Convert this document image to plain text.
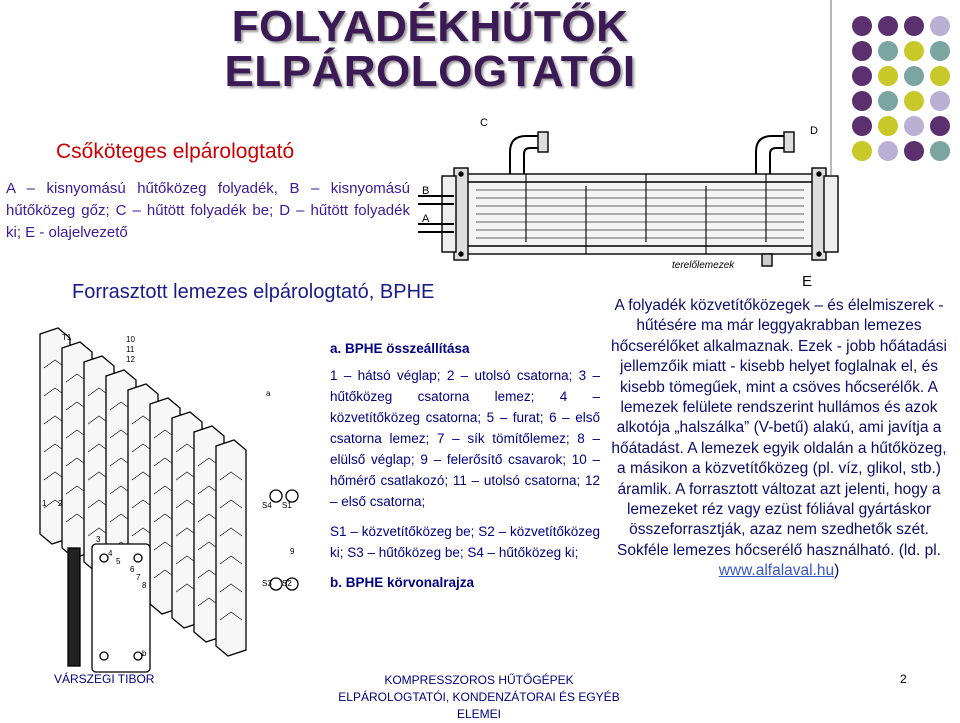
FOLYADÉKHŰTŐK ELPÁROLOGTATÓI
Csőköteges elpárologtató
A – kisnyomású hűtőközeg folyadék, B – kisnyomású hűtőközeg gőz; C – hűtött folyadék be; D – hűtött folyadék ki; E - olajelvezető
C
D
B
A
terelőlemezek
E
Forrasztott lemezes elpárologtató, BPHE
T1	10
11
12
1 2
3
4
5
6
7
8
9
a
b
S4 S1
S3 S2

a. BPHE összeállítása

1 – hátsó véglap; 2 – utolsó csatorna; 3 – hűtőközeg csatorna lemez; 4 – közvetítőközeg csatorna; 5 – furat; 6 – első csatorna lemez; 7 – sík tömítőlemez; 8 – elülső véglap; 9 – felerősítő csavarok; 10 – hőmérő csatlakozó; 11 – utolsó csatorna; 12 – első csatorna;

S1 – közvetítőközeg be; S2 – közvetítőközeg ki; S3 – hűtőközeg be; S4 – hűtőközeg ki;

b. BPHE körvonalrajza

A folyadék közvetítőközegek – és élelmiszerek - hűtésére ma már leggyakrabban lemezes hőcserélőket alkalmaznak. Ezek - jobb hőátadási jellemzőik miatt - kisebb helyet foglalnak el, és kisebb tömegűek, mint a csöves hőcserélők. A lemezek felülete rendszerint hullámos és azok alkotója „halszálka” (V-betű) alakú, ami javítja a hőátadást. A lemezek egyik oldalán a hűtőközeg, a másikon a közvetítőközeg (pl. víz, glikol, stb.) áramlik. A forrasztott változat azt jelenti, hogy a lemezeket réz vagy ezüst fóliával gyártáskor összeforrasztják, azaz nem szedhetők szét. Sokféle lemezes hőcserélő használható. (ld. pl. www.alfalaval.hu)
VÁRSZEGI TIBOR	KOMPRESSZOROS HŰTŐGÉPEK ELPÁROLOGTATÓI, KONDENZÁTORAI ÉS EGYÉB ELEMEI
2
